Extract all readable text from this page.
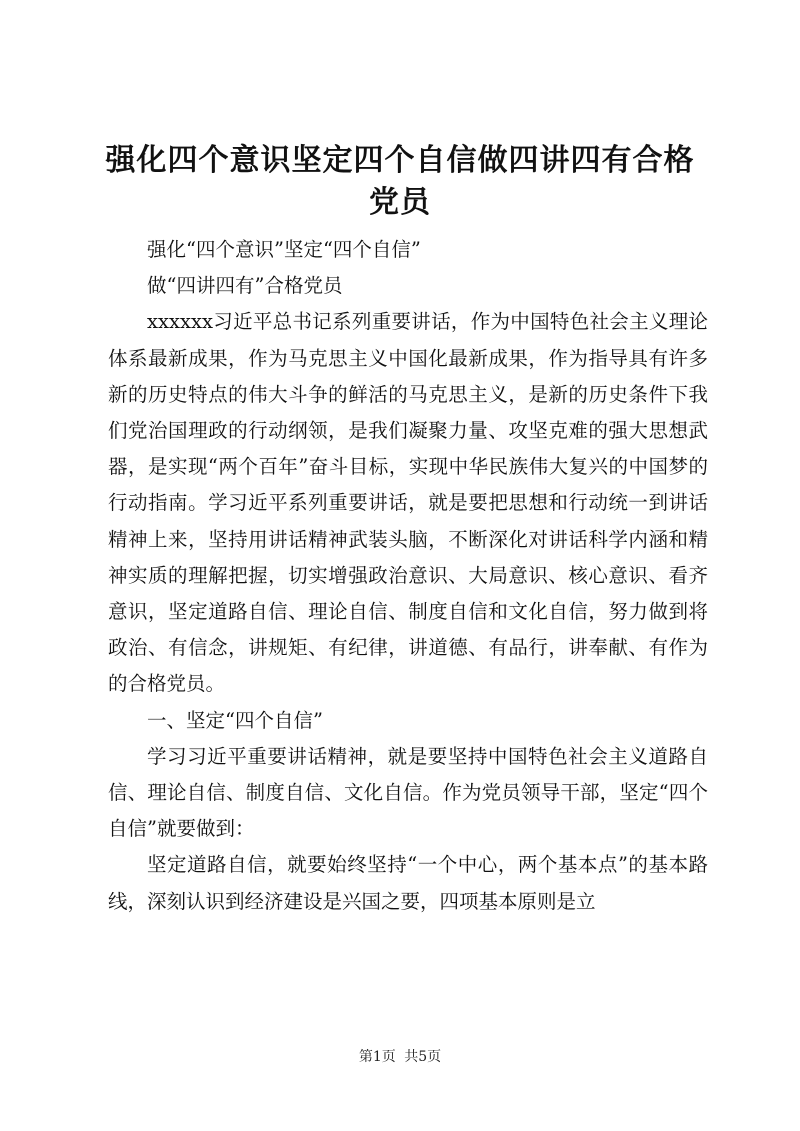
强化四个意识坚定四个自信做四讲四有合格党员

强化“四个意识”坚定“四个自信”

做“四讲四有”合格党员

xxxxxx习近平总书记系列重要讲话，作为中国特色社会主义理论体系最新成果，作为马克思主义中国化最新成果，作为指导具有许多新的历史特点的伟大斗争的鲜活的马克思主义，是新的历史条件下我们党治国理政的行动纲领，是我们凝聚力量、攻坚克难的强大思想武器，是实现“两个百年”奋斗目标，实现中华民族伟大复兴的中国梦的行动指南。学习近平系列重要讲话，就是要把思想和行动统一到讲话精神上来，坚持用讲话精神武装头脑，不断深化对讲话科学内涵和精神实质的理解把握，切实增强政治意识、大局意识、核心意识、看齐意识，坚定道路自信、理论自信、制度自信和文化自信，努力做到将政治、有信念，讲规矩、有纪律，讲道德、有品行，讲奉献、有作为的合格党员。

一、坚定“四个自信”

学习习近平重要讲话精神，就是要坚持中国特色社会主义道路自信、理论自信、制度自信、文化自信。作为党员领导干部，坚定“四个自信”就要做到：

坚定道路自信，就要始终坚持“一个中心，两个基本点”的基本路线，深刻认识到经济建设是兴国之要，四项基本原则是立

第1页 共5页
